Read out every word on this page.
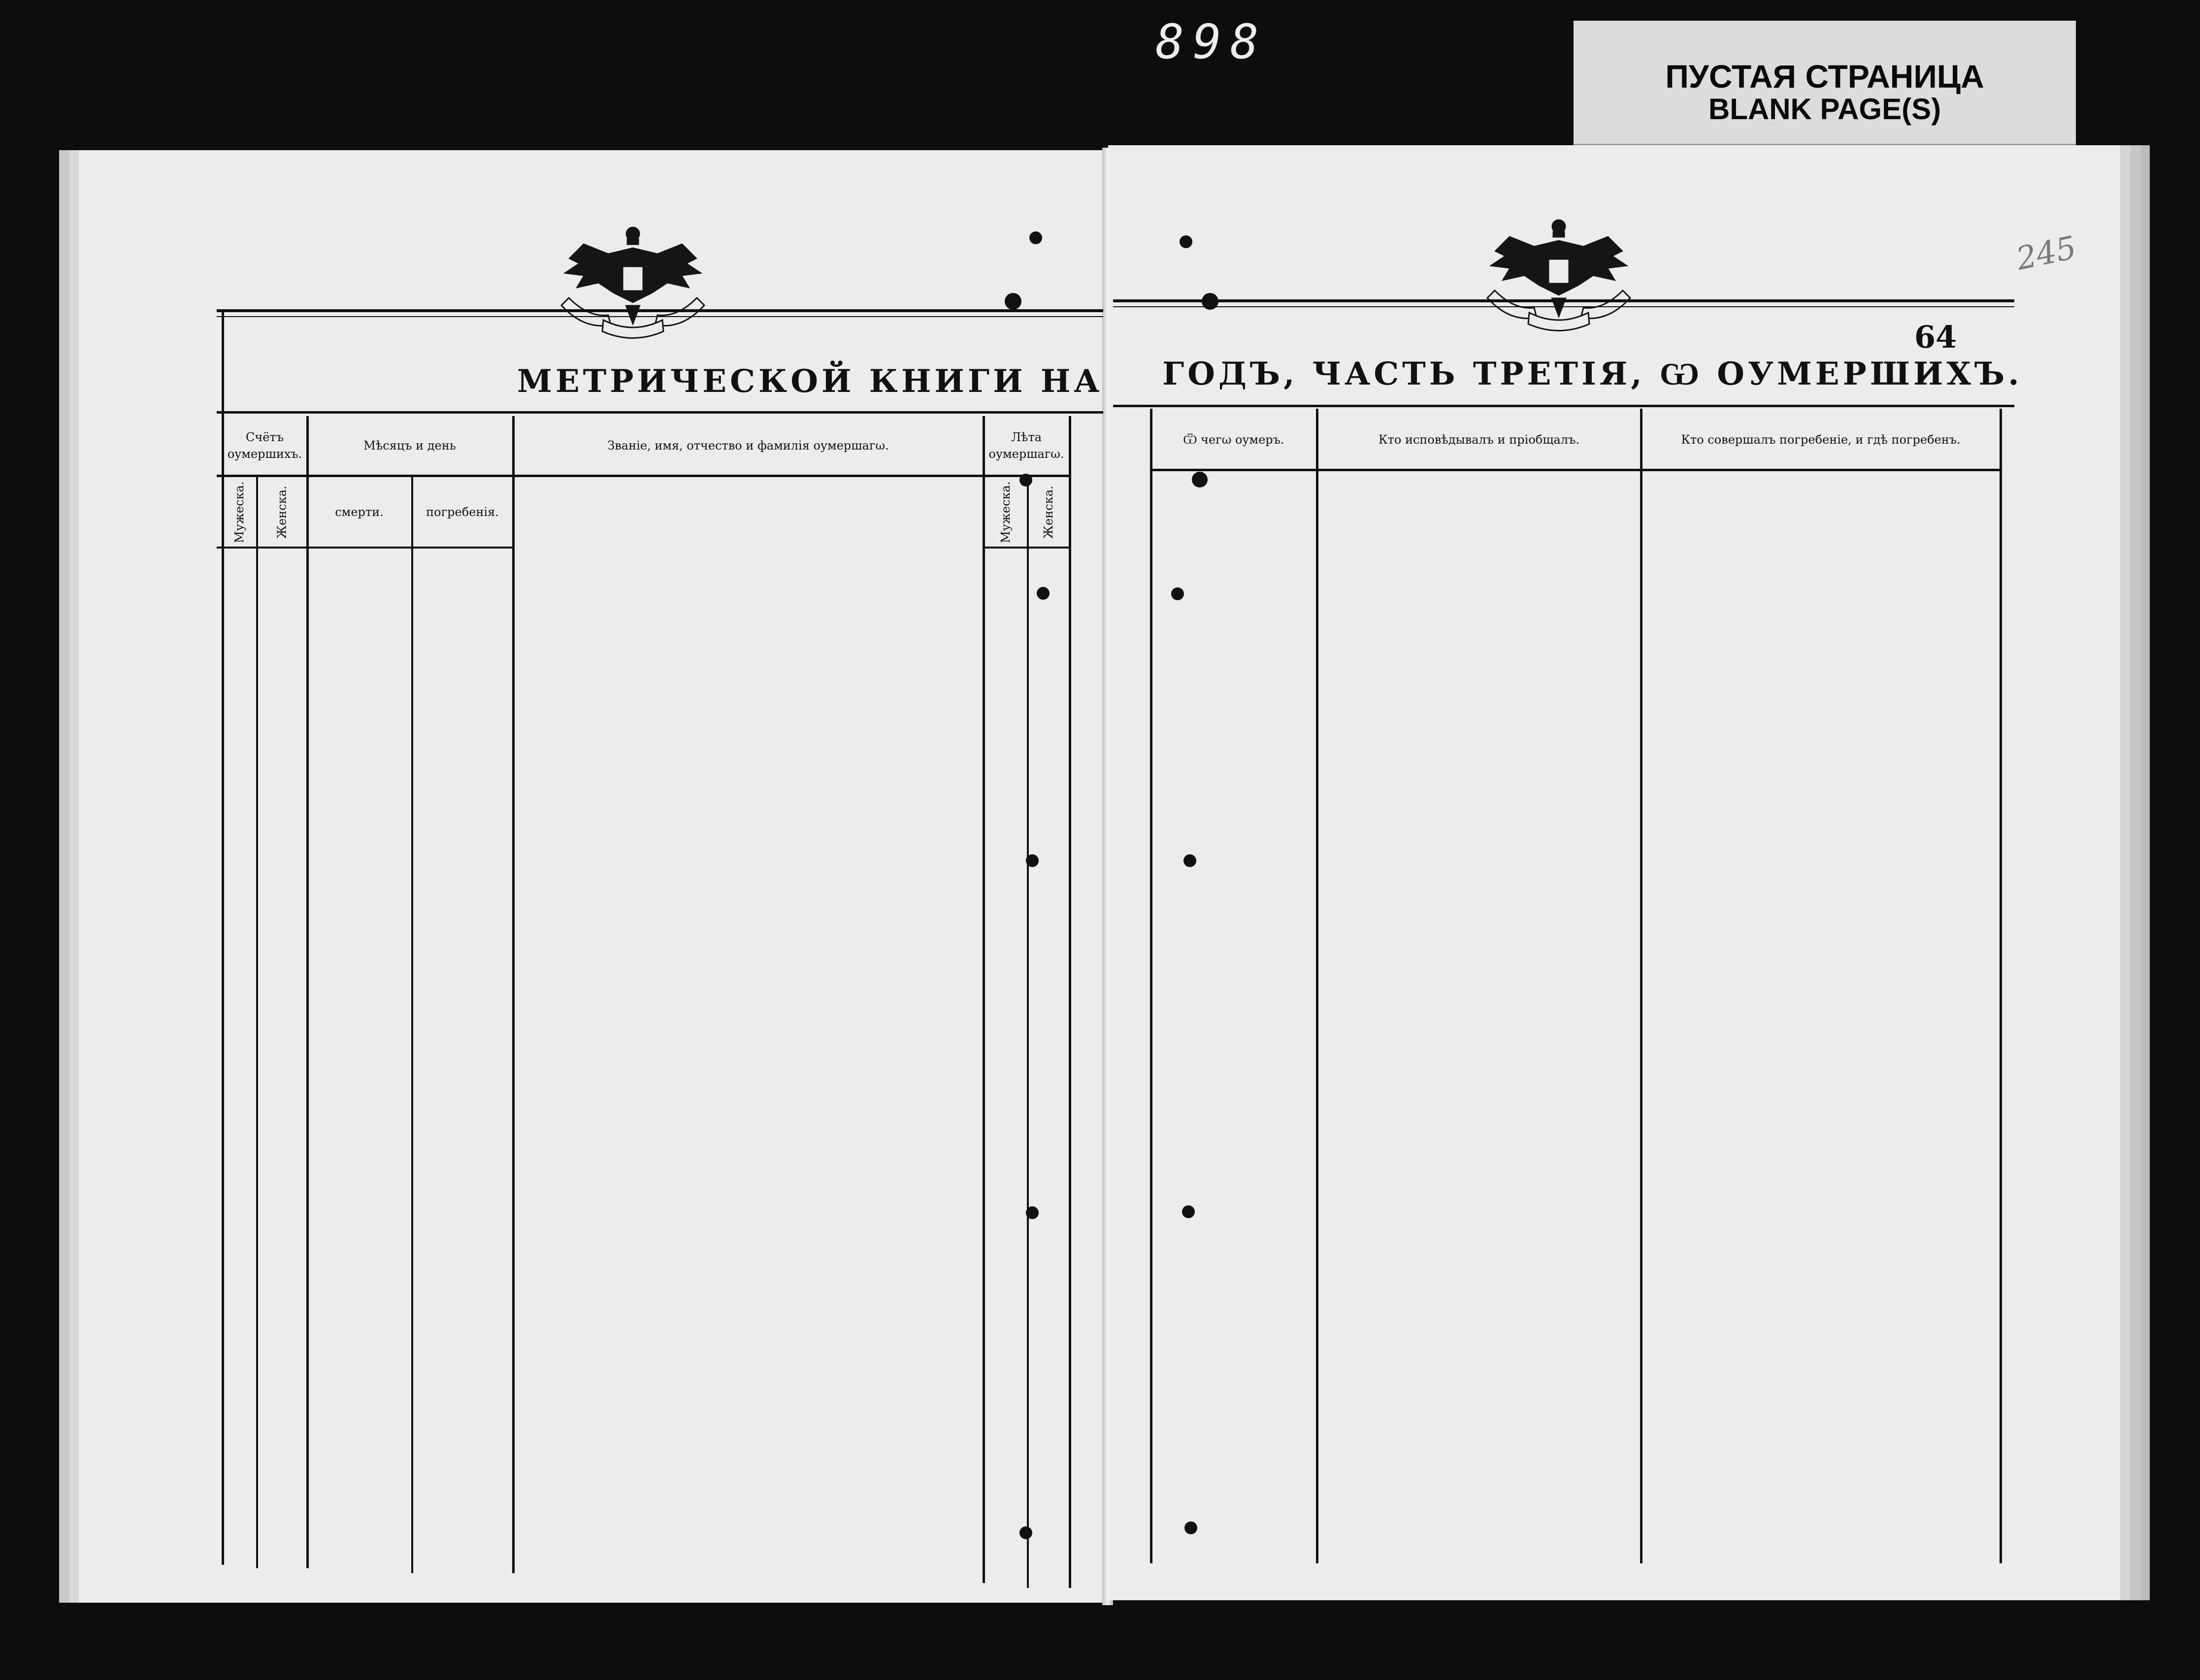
898
ПУСТАЯ СТРАНИЦА
BLANK PAGE(S)
МЕТРИЧЕСКОЙ КНИГИ НА
Счётъ оумершихъ.
Мужеска.	Женска.
Мѣсяцъ и день
смерти.	погребенія.
Званіе, имя, отчество и фамилія оумершагω.
Лѣта оумершагω.
Мужеска.	Женска.
ГОДЪ, ЧАСТЬ ТРЕТІЯ, Ѡ ОУМЕРШИХЪ.
64
245
Ѿ чегω оумеръ.	Кто исповѣдывалъ и пріобщалъ.	Кто совершалъ погребеніе, и гдѣ погребенъ.
